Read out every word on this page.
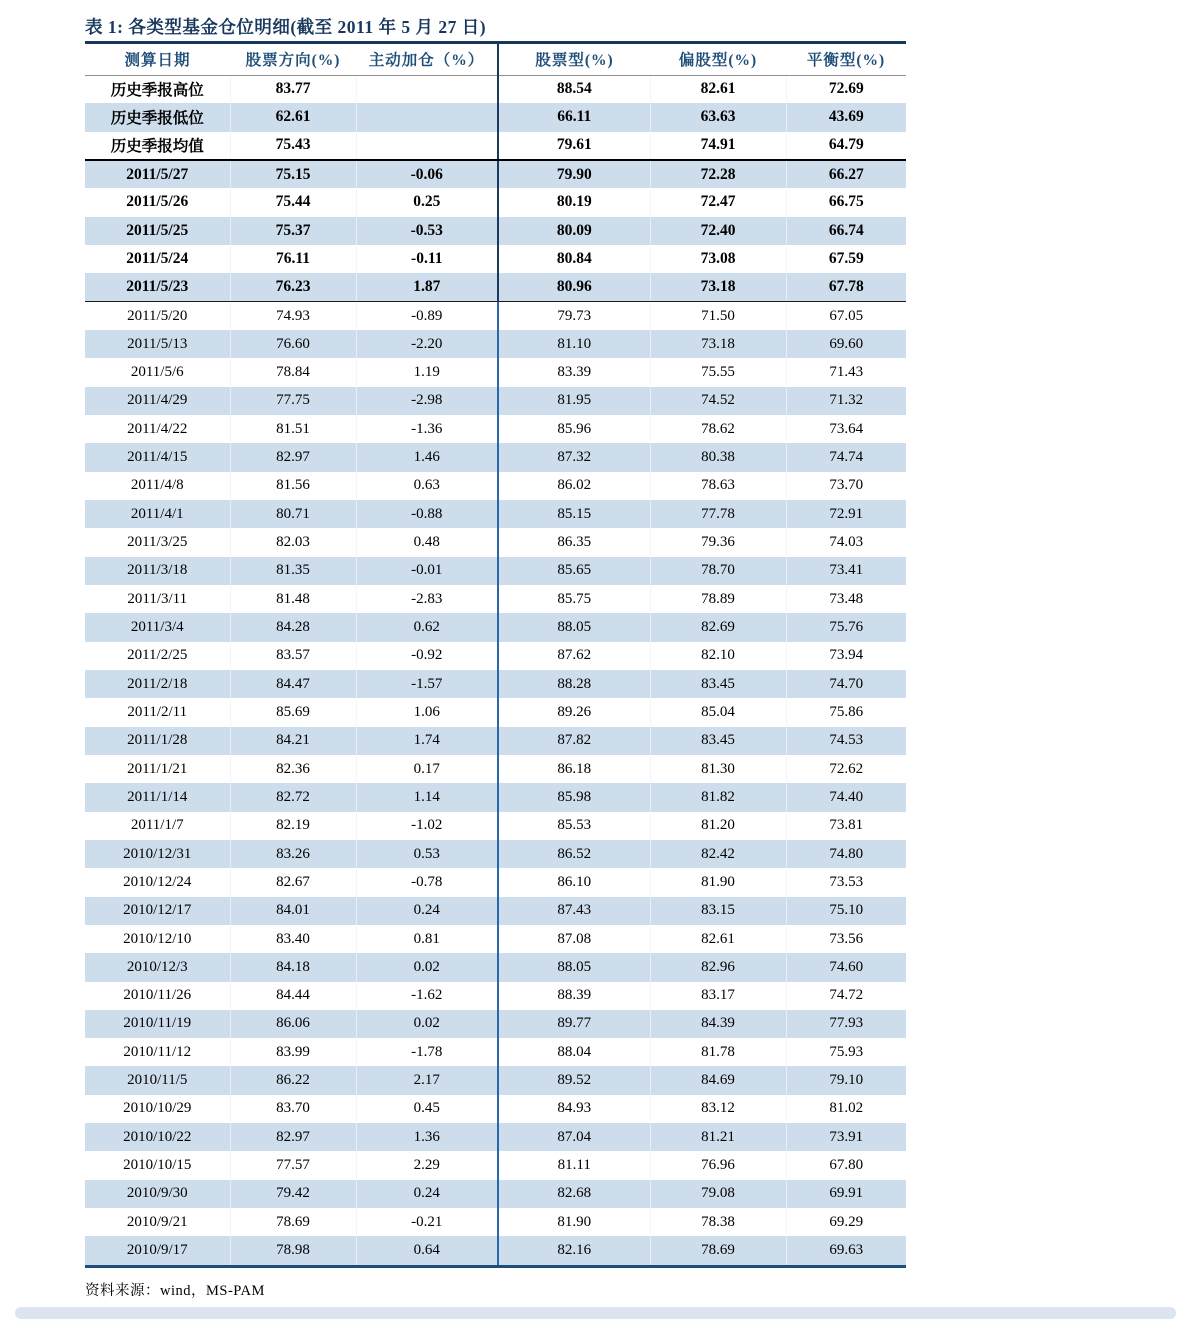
表 1: 各类型基金仓位明细(截至 2011 年 5 月 27 日)
测算日期	股票方向(%)	主动加仓（%）	股票型(%)	偏股型(%)	平衡型(%)
历史季报高位	83.77		88.54	82.61	72.69
历史季报低位	62.61		66.11	63.63	43.69
历史季报均值	75.43		79.61	74.91	64.79
2011/5/27	75.15	-0.06	79.90	72.28	66.27
2011/5/26	75.44	0.25	80.19	72.47	66.75
2011/5/25	75.37	-0.53	80.09	72.40	66.74
2011/5/24	76.11	-0.11	80.84	73.08	67.59
2011/5/23	76.23	1.87	80.96	73.18	67.78
2011/5/20	74.93	-0.89	79.73	71.50	67.05
2011/5/13	76.60	-2.20	81.10	73.18	69.60
2011/5/6	78.84	1.19	83.39	75.55	71.43
2011/4/29	77.75	-2.98	81.95	74.52	71.32
2011/4/22	81.51	-1.36	85.96	78.62	73.64
2011/4/15	82.97	1.46	87.32	80.38	74.74
2011/4/8	81.56	0.63	86.02	78.63	73.70
2011/4/1	80.71	-0.88	85.15	77.78	72.91
2011/3/25	82.03	0.48	86.35	79.36	74.03
2011/3/18	81.35	-0.01	85.65	78.70	73.41
2011/3/11	81.48	-2.83	85.75	78.89	73.48
2011/3/4	84.28	0.62	88.05	82.69	75.76
2011/2/25	83.57	-0.92	87.62	82.10	73.94
2011/2/18	84.47	-1.57	88.28	83.45	74.70
2011/2/11	85.69	1.06	89.26	85.04	75.86
2011/1/28	84.21	1.74	87.82	83.45	74.53
2011/1/21	82.36	0.17	86.18	81.30	72.62
2011/1/14	82.72	1.14	85.98	81.82	74.40
2011/1/7	82.19	-1.02	85.53	81.20	73.81
2010/12/31	83.26	0.53	86.52	82.42	74.80
2010/12/24	82.67	-0.78	86.10	81.90	73.53
2010/12/17	84.01	0.24	87.43	83.15	75.10
2010/12/10	83.40	0.81	87.08	82.61	73.56
2010/12/3	84.18	0.02	88.05	82.96	74.60
2010/11/26	84.44	-1.62	88.39	83.17	74.72
2010/11/19	86.06	0.02	89.77	84.39	77.93
2010/11/12	83.99	-1.78	88.04	81.78	75.93
2010/11/5	86.22	2.17	89.52	84.69	79.10
2010/10/29	83.70	0.45	84.93	83.12	81.02
2010/10/22	82.97	1.36	87.04	81.21	73.91
2010/10/15	77.57	2.29	81.11	76.96	67.80
2010/9/30	79.42	0.24	82.68	79.08	69.91
2010/9/21	78.69	-0.21	81.90	78.38	69.29
2010/9/17	78.98	0.64	82.16	78.69	69.63
资料来源：wind，MS-PAM
